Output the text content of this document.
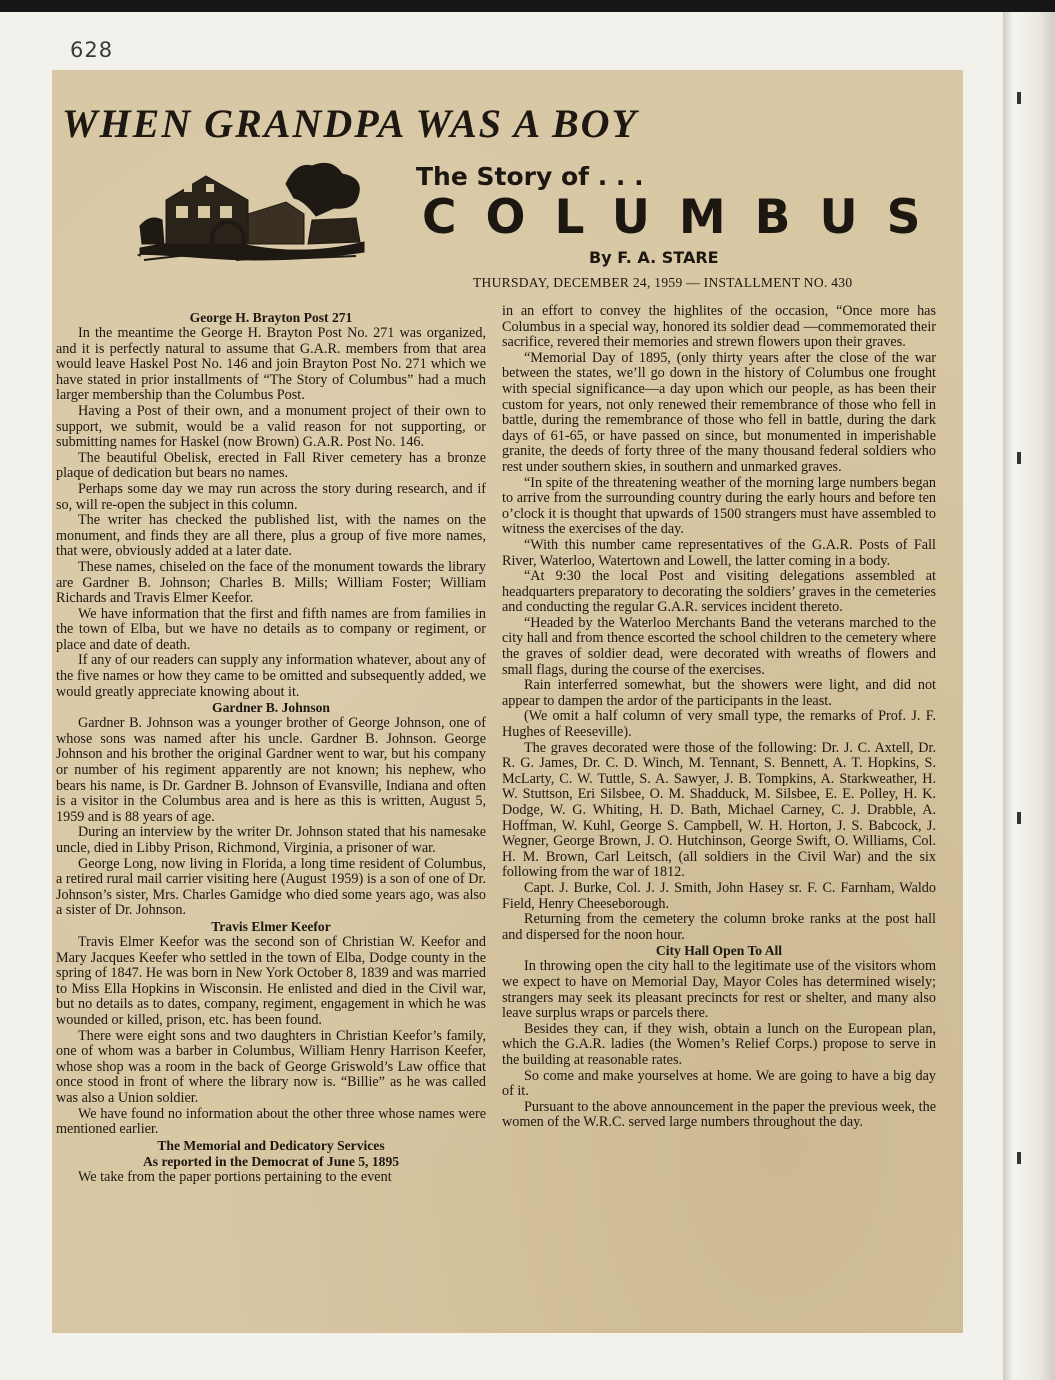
628
WHEN GRANDPA WAS A BOY
The Story of . . .
COLUMBUS
By F. A. STARE
THURSDAY, DECEMBER 24, 1959 — INSTALLMENT NO. 430
George H. Brayton Post 271

In the meantime the George H. Brayton Post No. 271 was organized, and it is perfectly natural to assume that G.A.R. members from that area would leave Haskel Post No. 146 and join Brayton Post No. 271 which we have stated in prior installments of “The Story of Columbus” had a much larger membership than the Columbus Post.

Having a Post of their own, and a monument project of their own to support, we submit, would be a valid reason for not supporting, or submitting names for Haskel (now Brown) G.A.R. Post No. 146.

The beautiful Obelisk, erected in Fall River cemetery has a bronze plaque of dedication but bears no names.

Perhaps some day we may run across the story during research, and if so, will re-open the subject in this column.

The writer has checked the published list, with the names on the monument, and finds they are all there, plus a group of five more names, that were, obviously added at a later date.

These names, chiseled on the face of the monument towards the library are Gardner B. Johnson; Charles B. Mills; William Foster; William Richards and Travis Elmer Keefor.

We have information that the first and fifth names are from families in the town of Elba, but we have no details as to company or regiment, or place and date of death.

If any of our readers can supply any information whatever, about any of the five names or how they came to be omitted and subsequently added, we would greatly appreciate knowing about it.

Gardner B. Johnson

Gardner B. Johnson was a younger brother of George Johnson, one of whose sons was named after his uncle. Gardner B. Johnson. George Johnson and his brother the original Gardner went to war, but his company or number of his regiment apparently are not known; his nephew, who bears his name, is Dr. Gardner B. Johnson of Evansville, Indiana and often is a visitor in the Columbus area and is here as this is written, August 5, 1959 and is 88 years of age.

During an interview by the writer Dr. Johnson stated that his namesake uncle, died in Libby Prison, Richmond, Virginia, a prisoner of war.

George Long, now living in Florida, a long time resident of Columbus, a retired rural mail carrier visiting here (August 1959) is a son of one of Dr. Johnson’s sister, Mrs. Charles Gamidge who died some years ago, was also a sister of Dr. Johnson.

Travis Elmer Keefor

Travis Elmer Keefor was the second son of Christian W. Keefor and Mary Jacques Keefer who settled in the town of Elba, Dodge county in the spring of 1847. He was born in New York October 8, 1839 and was married to Miss Ella Hopkins in Wisconsin. He enlisted and died in the Civil war, but no details as to dates, company, regiment, engagement in which he was wounded or killed, prison, etc. has been found.

There were eight sons and two daughters in Christian Keefor’s family, one of whom was a barber in Columbus, William Henry Harrison Keefer, whose shop was a room in the back of George Griswold’s Law office that once stood in front of where the library now is. “Billie” as he was called was also a Union soldier.

We have found no information about the other three whose names were mentioned earlier.

The Memorial and Dedicatory Services
As reported in the Democrat of June 5, 1895

We take from the paper portions pertaining to the event

in an effort to convey the highlites of the occasion, “Once more has Columbus in a special way, honored its soldier dead —commemorated their sacrifice, revered their memories and strewn flowers upon their graves.

“Memorial Day of 1895, (only thirty years after the close of the war between the states, we’ll go down in the history of Columbus one frought with special significance—a day upon which our people, as has been their custom for years, not only renewed their remembrance of those who fell in battle, during the remembrance of those who fell in battle, during the dark days of 61-65, or have passed on since, but monumented in imperishable granite, the deeds of forty three of the many thousand federal soldiers who rest under southern skies, in southern and unmarked graves.

“In spite of the threatening weather of the morning large numbers began to arrive from the surrounding country during the early hours and before ten o’clock it is thought that upwards of 1500 strangers must have assembled to witness the exercises of the day.

“With this number came representatives of the G.A.R. Posts of Fall River, Waterloo, Watertown and Lowell, the latter coming in a body.

“At 9:30 the local Post and visiting delegations assembled at headquarters preparatory to decorating the soldiers’ graves in the cemeteries and conducting the regular G.A.R. services incident thereto.

“Headed by the Waterloo Merchants Band the veterans marched to the city hall and from thence escorted the school children to the cemetery where the graves of soldier dead, were decorated with wreaths of flowers and small flags, during the course of the exercises.

Rain interferred somewhat, but the showers were light, and did not appear to dampen the ardor of the participants in the least.

(We omit a half column of very small type, the remarks of Prof. J. F. Hughes of Reeseville).

The graves decorated were those of the following: Dr. J. C. Axtell, Dr. R. G. James, Dr. C. D. Winch, M. Tennant, S. Bennett, A. T. Hopkins, S. McLarty, C. W. Tuttle, S. A. Sawyer, J. B. Tompkins, A. Starkweather, H. W. Stuttson, Eri Silsbee, O. M. Shadduck, M. Silsbee, E. E. Polley, H. K. Dodge, W. G. Whiting, H. D. Bath, Michael Carney, C. J. Drabble, A. Hoffman, W. Kuhl, George S. Campbell, W. H. Horton, J. S. Babcock, J. Wegner, George Brown, J. O. Hutchinson, George Swift, O. Williams, Col. H. M. Brown, Carl Leitsch, (all soldiers in the Civil War) and the six following from the war of 1812.

Capt. J. Burke, Col. J. J. Smith, John Hasey sr. F. C. Farnham, Waldo Field, Henry Cheeseborough.

Returning from the cemetery the column broke ranks at the post hall and dispersed for the noon hour.

City Hall Open To All

In throwing open the city hall to the legitimate use of the visitors whom we expect to have on Memorial Day, Mayor Coles has determined wisely; strangers may seek its pleasant precincts for rest or shelter, and many also leave surplus wraps or parcels there.

Besides they can, if they wish, obtain a lunch on the European plan, which the G.A.R. ladies (the Women’s Relief Corps.) propose to serve in the building at reasonable rates.

So come and make yourselves at home. We are going to have a big day of it.

Pursuant to the above announcement in the paper the previous week, the women of the W.R.C. served large numbers throughout the day.
